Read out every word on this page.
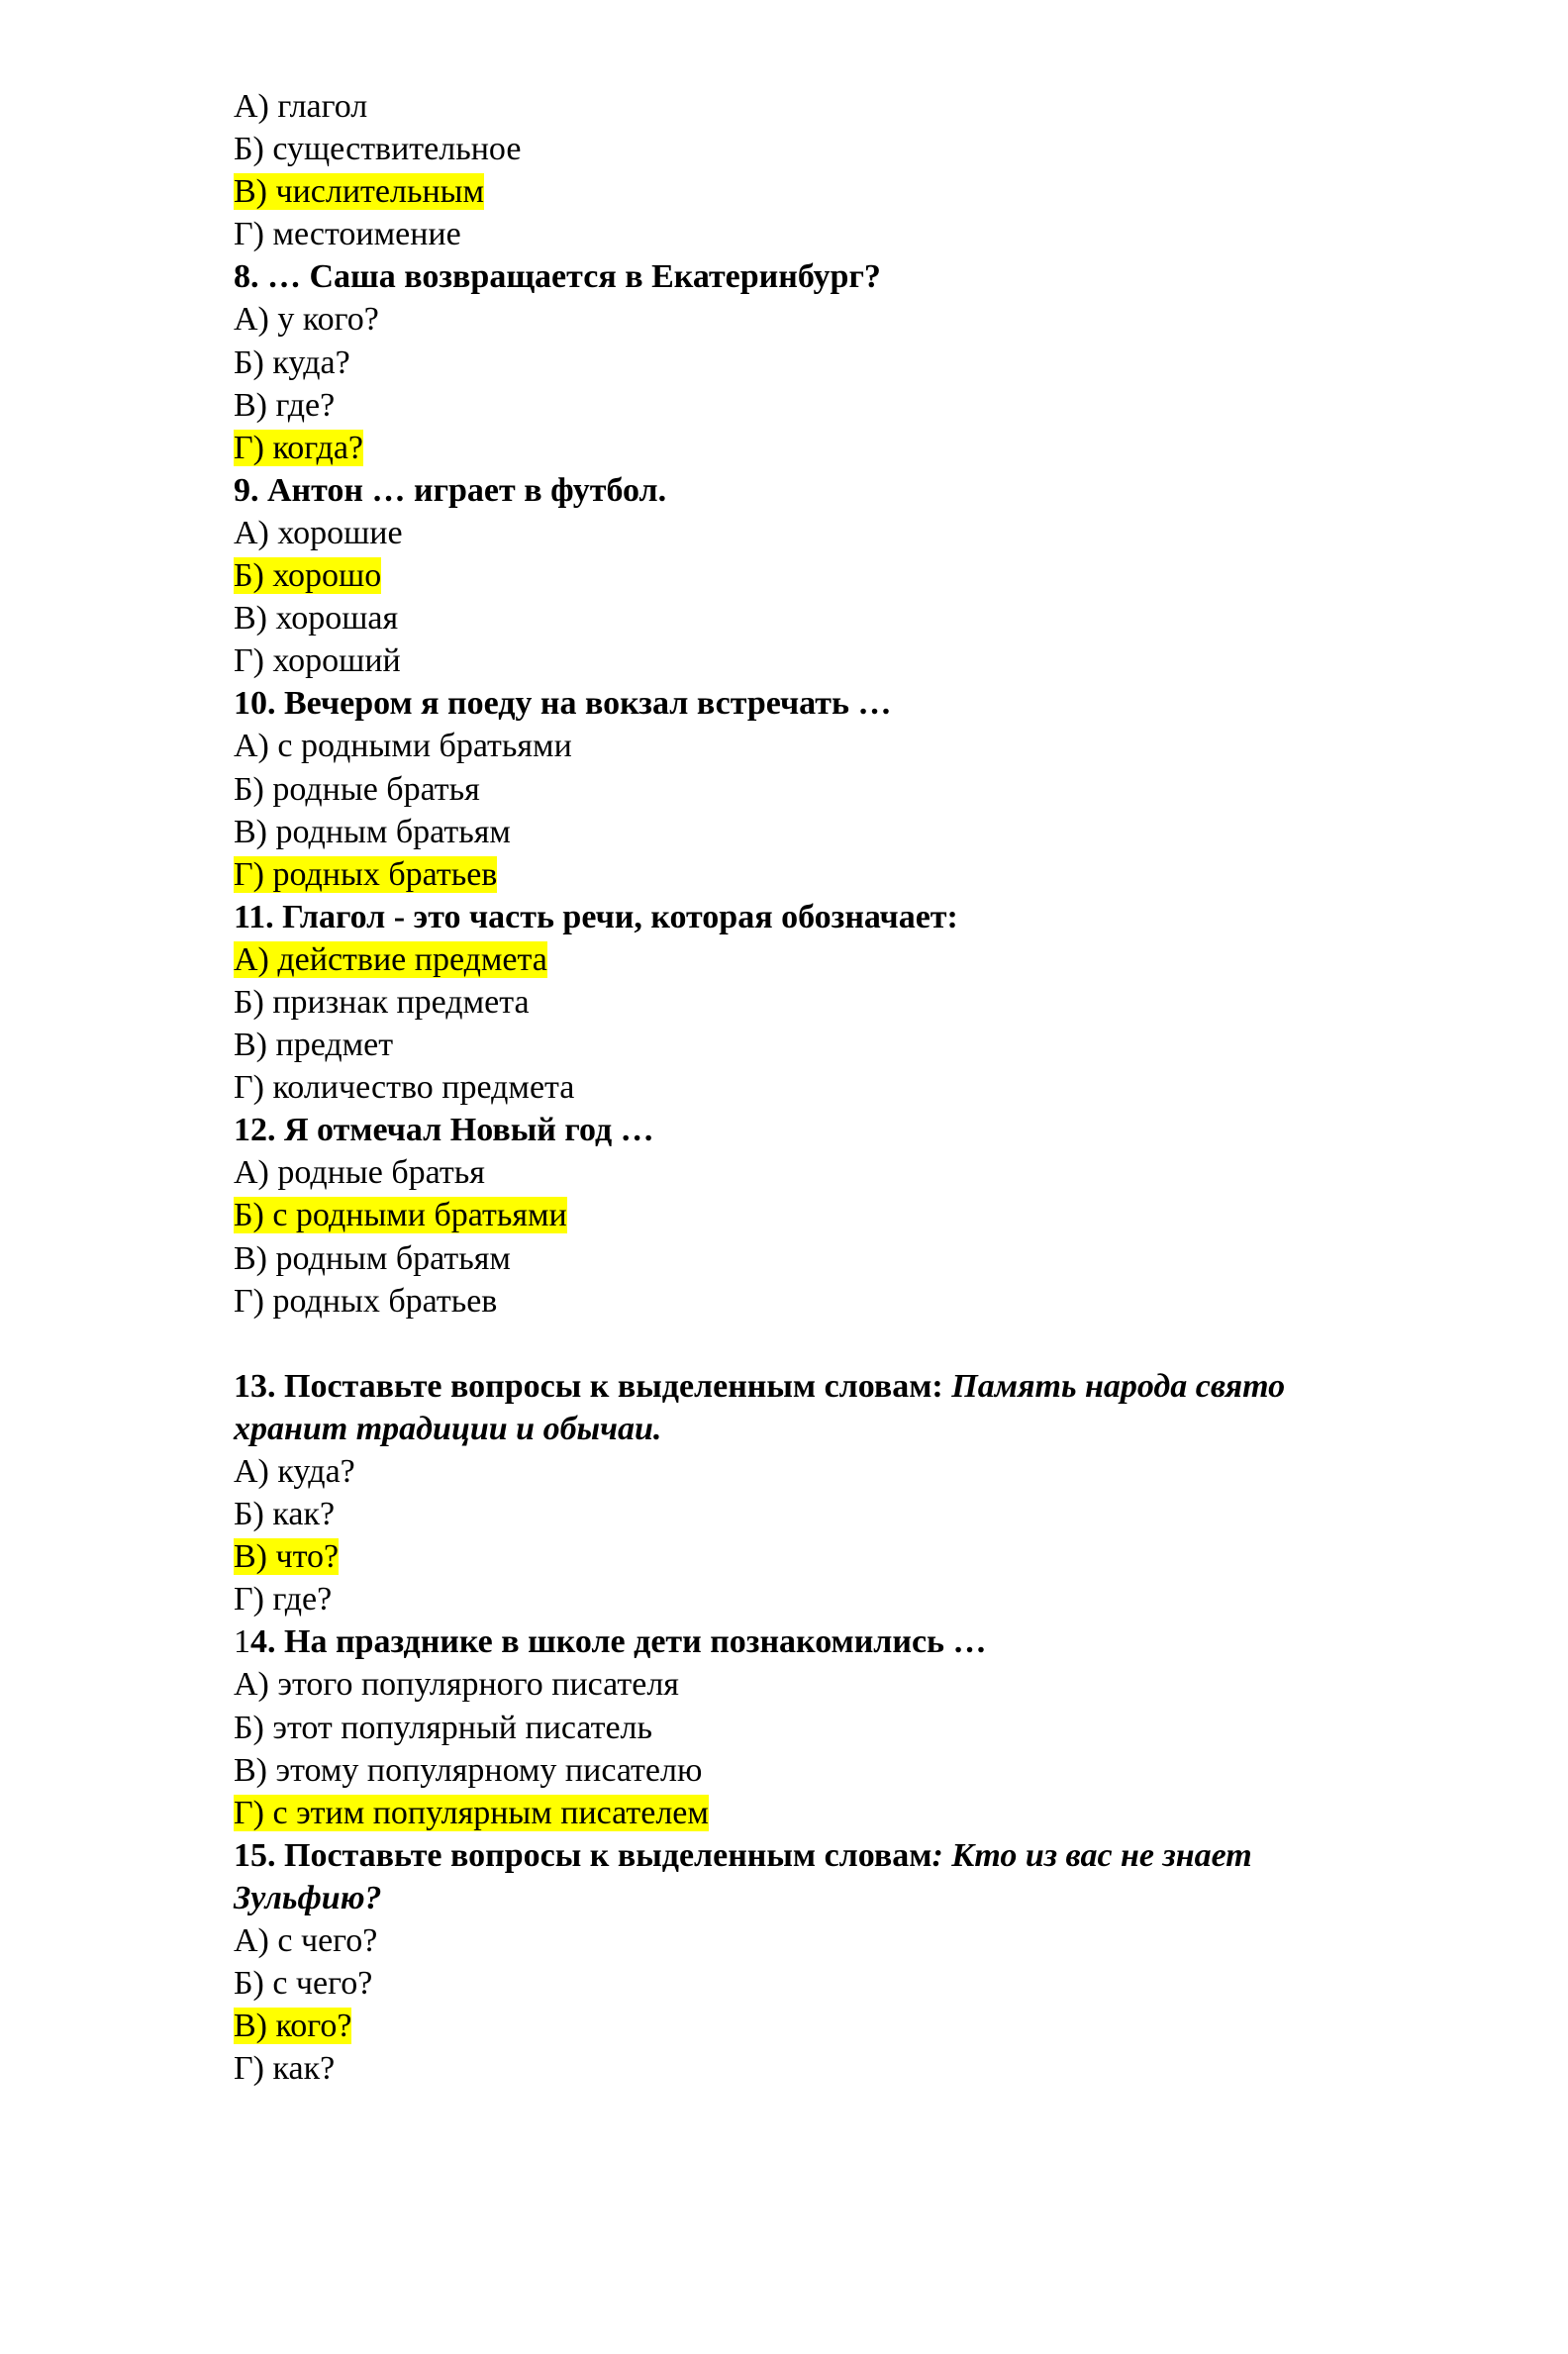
А) глагол
Б) существительное
В) числительным
Г) местоимение
8. … Саша возвращается в Екатеринбург?
А) у кого?
Б) куда?
В) где?
Г) когда?
9. Антон … играет в футбол.
А) хорошие
Б) хорошо
В) хорошая
Г) хороший
10. Вечером я поеду на вокзал встречать …
А) с родными братьями
Б) родные братья
В) родным братьям
Г) родных братьев
11. Глагол - это часть речи, которая обозначает:
А) действие предмета
Б) признак предмета
В) предмет
Г) количество предмета
12. Я отмечал Новый год …
А) родные братья
Б) с родными братьями
В) родным братьям
Г) родных братьев
13. Поставьте вопросы к выделенным словам: Память народа свято хранит традиции и обычаи.
А) куда?
Б) как?
В) что?
Г) где?
14. На празднике в школе дети познакомились …
А) этого популярного писателя
Б) этот популярный писатель
В) этому популярному писателю
Г) с этим популярным писателем
15. Поставьте вопросы к выделенным словам: Кто из вас не знает Зульфию?
А) с чего?
Б) с чего?
В) кого?
Г) как?
